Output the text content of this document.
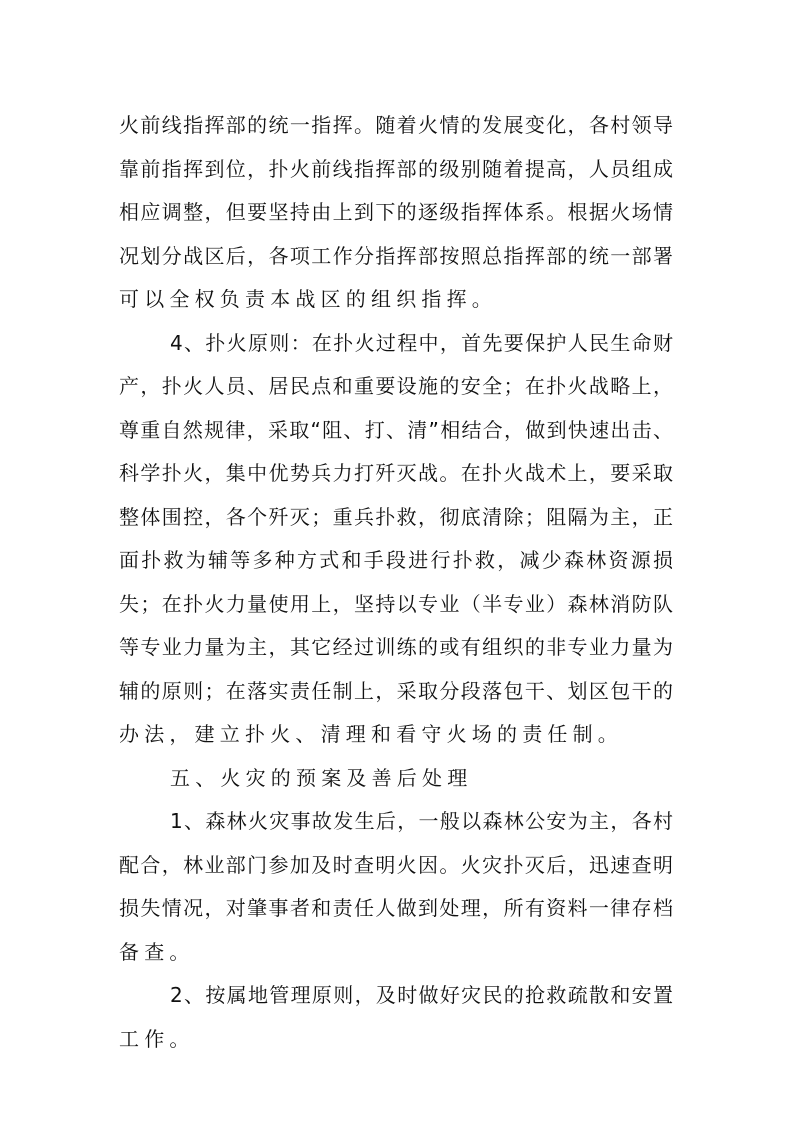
火前线指挥部的统一指挥。随着火情的发展变化，各村领导
靠前指挥到位，扑火前线指挥部的级别随着提高，人员组成
相应调整，但要坚持由上到下的逐级指挥体系。根据火场情
况划分战区后，各项工作分指挥部按照总指挥部的统一部署
可以全权负责本战区的组织指挥。
4、扑火原则：在扑火过程中，首先要保护人民生命财
产，扑火人员、居民点和重要设施的安全；在扑火战略上，
尊重自然规律，采取“阻、打、清”相结合，做到快速出击、
科学扑火，集中优势兵力打歼灭战。在扑火战术上，要采取
整体围控，各个歼灭；重兵扑救，彻底清除；阻隔为主，正
面扑救为辅等多种方式和手段进行扑救，减少森林资源损
失；在扑火力量使用上，坚持以专业（半专业）森林消防队
等专业力量为主，其它经过训练的或有组织的非专业力量为
辅的原则；在落实责任制上，采取分段落包干、划区包干的
办法，建立扑火、清理和看守火场的责任制。
五、火灾的预案及善后处理
1、森林火灾事故发生后，一般以森林公安为主，各村
配合，林业部门参加及时查明火因。火灾扑灭后，迅速查明
损失情况，对肇事者和责任人做到处理，所有资料一律存档
备查。
2、按属地管理原则，及时做好灾民的抢救疏散和安置
工作。
